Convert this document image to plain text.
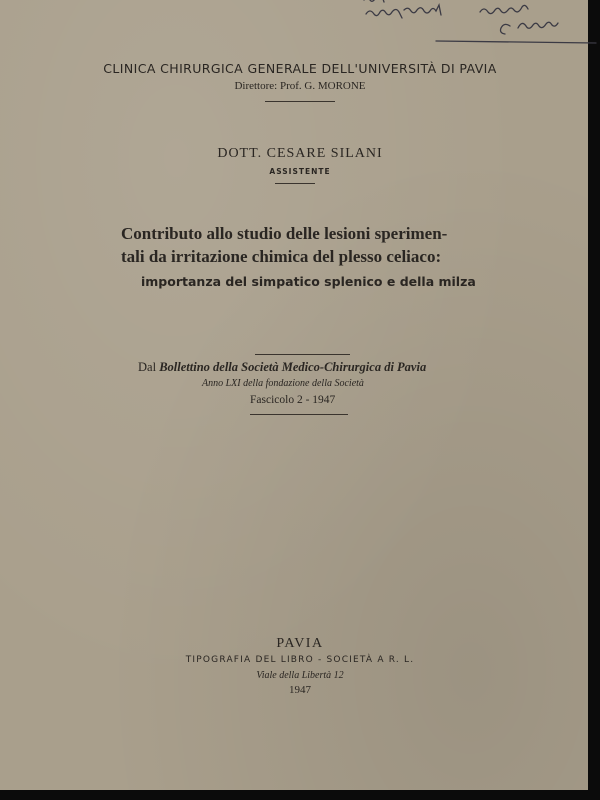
CLINICA CHIRURGICA GENERALE DELL'UNIVERSITÀ DI PAVIA
Direttore: Prof. G. MORONE
DOTT. CESARE SILANI
ASSISTENTE
Contributo allo studio delle lesioni sperimen-
tali da irritazione chimica del plesso celiaco:
importanza del simpatico splenico e della milza
Dal Bollettino della Società Medico-Chirurgica di Pavia
Anno LXI della fondazione della Società
Fascicolo 2 - 1947
PAVIA
TIPOGRAFIA DEL LIBRO - SOCIETÀ A R. L.
Viale della Libertà 12
1947
